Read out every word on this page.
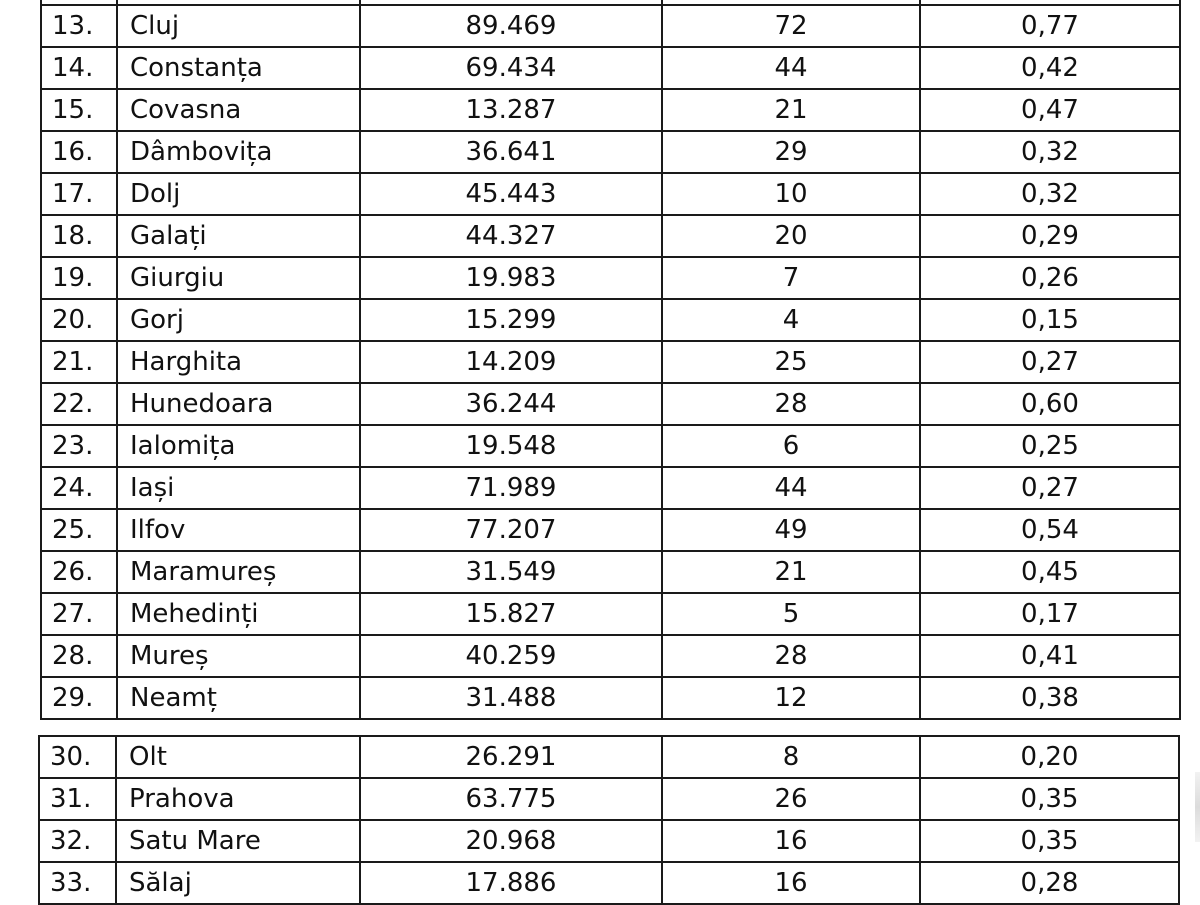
13.	Cluj	89.469	72	0,77
14.	Constanța	69.434	44	0,42
15.	Covasna	13.287	21	0,47
16.	Dâmbovița	36.641	29	0,32
17.	Dolj	45.443	10	0,32
18.	Galați	44.327	20	0,29
19.	Giurgiu	19.983	7	0,26
20.	Gorj	15.299	4	0,15
21.	Harghita	14.209	25	0,27
22.	Hunedoara	36.244	28	0,60
23.	Ialomița	19.548	6	0,25
24.	Iași	71.989	44	0,27
25.	Ilfov	77.207	49	0,54
26.	Maramureș	31.549	21	0,45
27.	Mehedinți	15.827	5	0,17
28.	Mureș	40.259	28	0,41
29.	Neamț	31.488	12	0,38
30.	Olt	26.291	8	0,20
31.	Prahova	63.775	26	0,35
32.	Satu Mare	20.968	16	0,35
33.	Sălaj	17.886	16	0,28
